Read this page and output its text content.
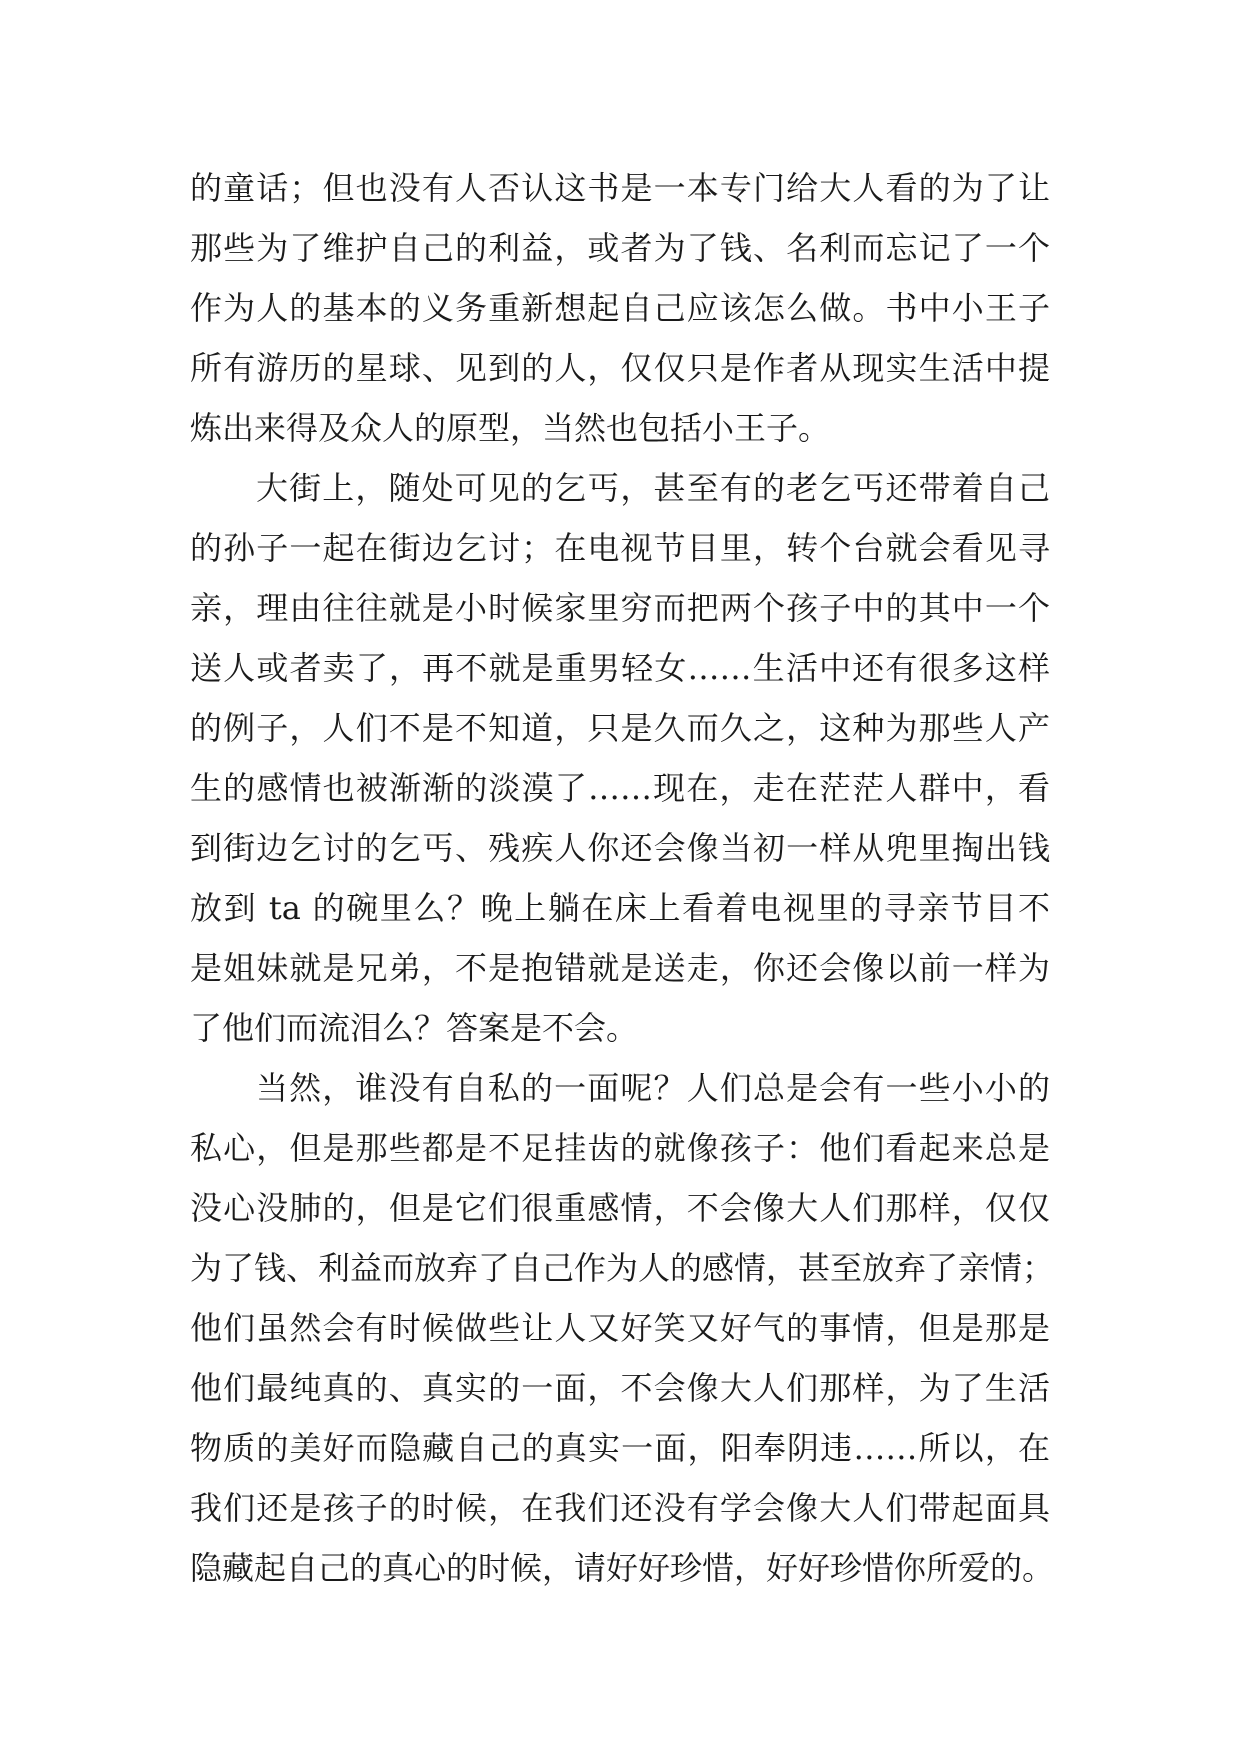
的童话；但也没有人否认这书是一本专门给大人看的为了让
那些为了维护自己的利益，或者为了钱、名利而忘记了一个
作为人的基本的义务重新想起自己应该怎么做。书中小王子
所有游历的星球、见到的人，仅仅只是作者从现实生活中提
炼出来得及众人的原型，当然也包括小王子。
大街上，随处可见的乞丐，甚至有的老乞丐还带着自己
的孙子一起在街边乞讨；在电视节目里，转个台就会看见寻
亲，理由往往就是小时候家里穷而把两个孩子中的其中一个
送人或者卖了，再不就是重男轻女……生活中还有很多这样
的例子，人们不是不知道，只是久而久之，这种为那些人产
生的感情也被渐渐的淡漠了……现在，走在茫茫人群中，看
到街边乞讨的乞丐、残疾人你还会像当初一样从兜里掏出钱
放到 ta 的碗里么？晚上躺在床上看着电视里的寻亲节目不
是姐妹就是兄弟，不是抱错就是送走，你还会像以前一样为
了他们而流泪么？答案是不会。
当然，谁没有自私的一面呢？人们总是会有一些小小的
私心，但是那些都是不足挂齿的就像孩子：他们看起来总是
没心没肺的，但是它们很重感情，不会像大人们那样，仅仅
为了钱、利益而放弃了自己作为人的感情，甚至放弃了亲情；
他们虽然会有时候做些让人又好笑又好气的事情，但是那是
他们最纯真的、真实的一面，不会像大人们那样，为了生活
物质的美好而隐藏自己的真实一面，阳奉阴违……所以，在
我们还是孩子的时候，在我们还没有学会像大人们带起面具
隐藏起自己的真心的时候，请好好珍惜，好好珍惜你所爱的。
